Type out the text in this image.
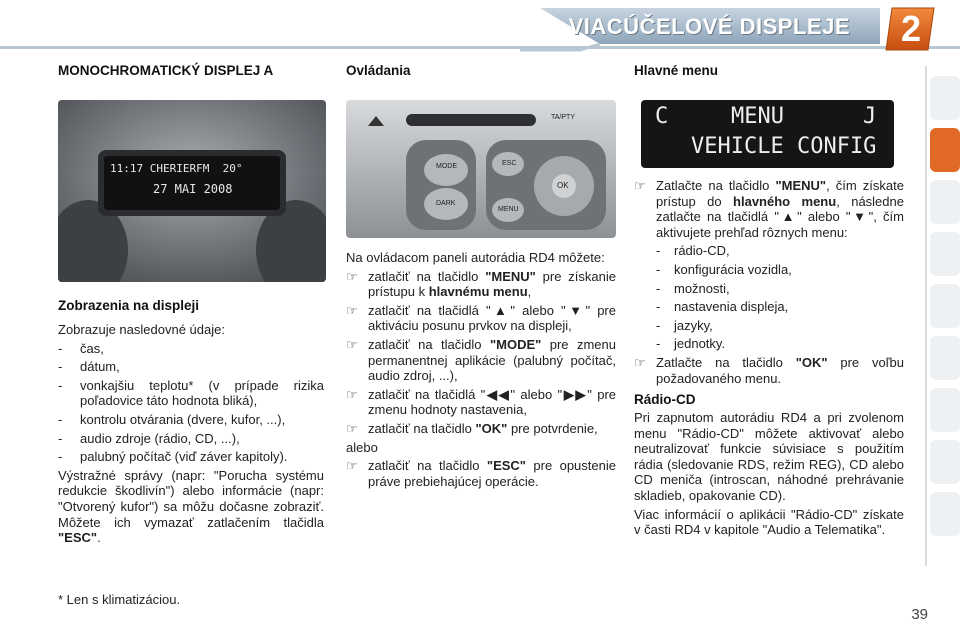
VIACÚČELOVÉ DISPLEJE	2
MONOCHROMATICKÝ DISPLEJ A
11:17 CHERIERFM  20°
27 MAI 2008
Zobrazenia na displeji

Zobrazuje nasledovné údaje:

- čas,
- dátum,
- vonkajšiu teplotu* (v prípade rizika poľadovice táto hodnota bliká),
- kontrolu otvárania (dvere, kufor, ...),
- audio zdroje (rádio, CD, ...),
- palubný počítač (viď záver kapitoly).

Výstražné správy (napr: "Porucha systému redukcie škodlivín") alebo informácie (napr: "Otvorený kufor") sa môžu dočasne zobraziť. Môžete ich vymazať zatlačením tlačidla "ESC".

* Len s klimatizáciou.
Ovládania
MODE
DARK
ESC
MENU
OK
TA/PTY

Na ovládacom paneli autorádia RD4 môžete:

☞ zatlačiť na tlačidlo "MENU" pre získanie prístupu k hlavnému menu,
☞ zatlačiť na tlačidlá "▲" alebo "▼" pre aktiváciu posunu prvkov na displeji,
☞ zatlačiť na tlačidlo "MODE" pre zmenu permanentnej aplikácie (palubný počítač, audio zdroj, ...),
☞ zatlačiť na tlačidlá "◀◀" alebo "▶▶" pre zmenu hodnoty nastavenia,
☞ zatlačiť na tlačidlo "OK" pre potvrdenie,

alebo

☞ zatlačiť na tlačidlo "ESC" pre opustenie práve prebiehajúcej operácie.
Hlavné menu
C	MENU	J
VEHICLE CONFIG
☞ Zatlačte na tlačidlo "MENU", čím získate prístup do hlavného menu, následne zatlačte na tlačidlá "▲" alebo "▼", čím aktivujete prehľad rôznych menu:
- rádio-CD,
- konfigurácia vozidla,
- možnosti,
- nastavenia displeja,
- jazyky,
- jednotky.
☞ Zatlačte na tlačidlo "OK" pre voľbu požadovaného menu.
Rádio-CD

Pri zapnutom autorádiu RD4 a pri zvolenom menu "Rádio-CD" môžete aktivovať alebo neutralizovať funkcie súvisiace s použitím rádia (sledovanie RDS, režim REG), CD alebo CD meniča (introscan, náhodné prehrávanie skladieb, opakovanie CD).

Viac informácií o aplikácii "Rádio-CD" získate v časti RD4 v kapitole "Audio a Telematika".

39
